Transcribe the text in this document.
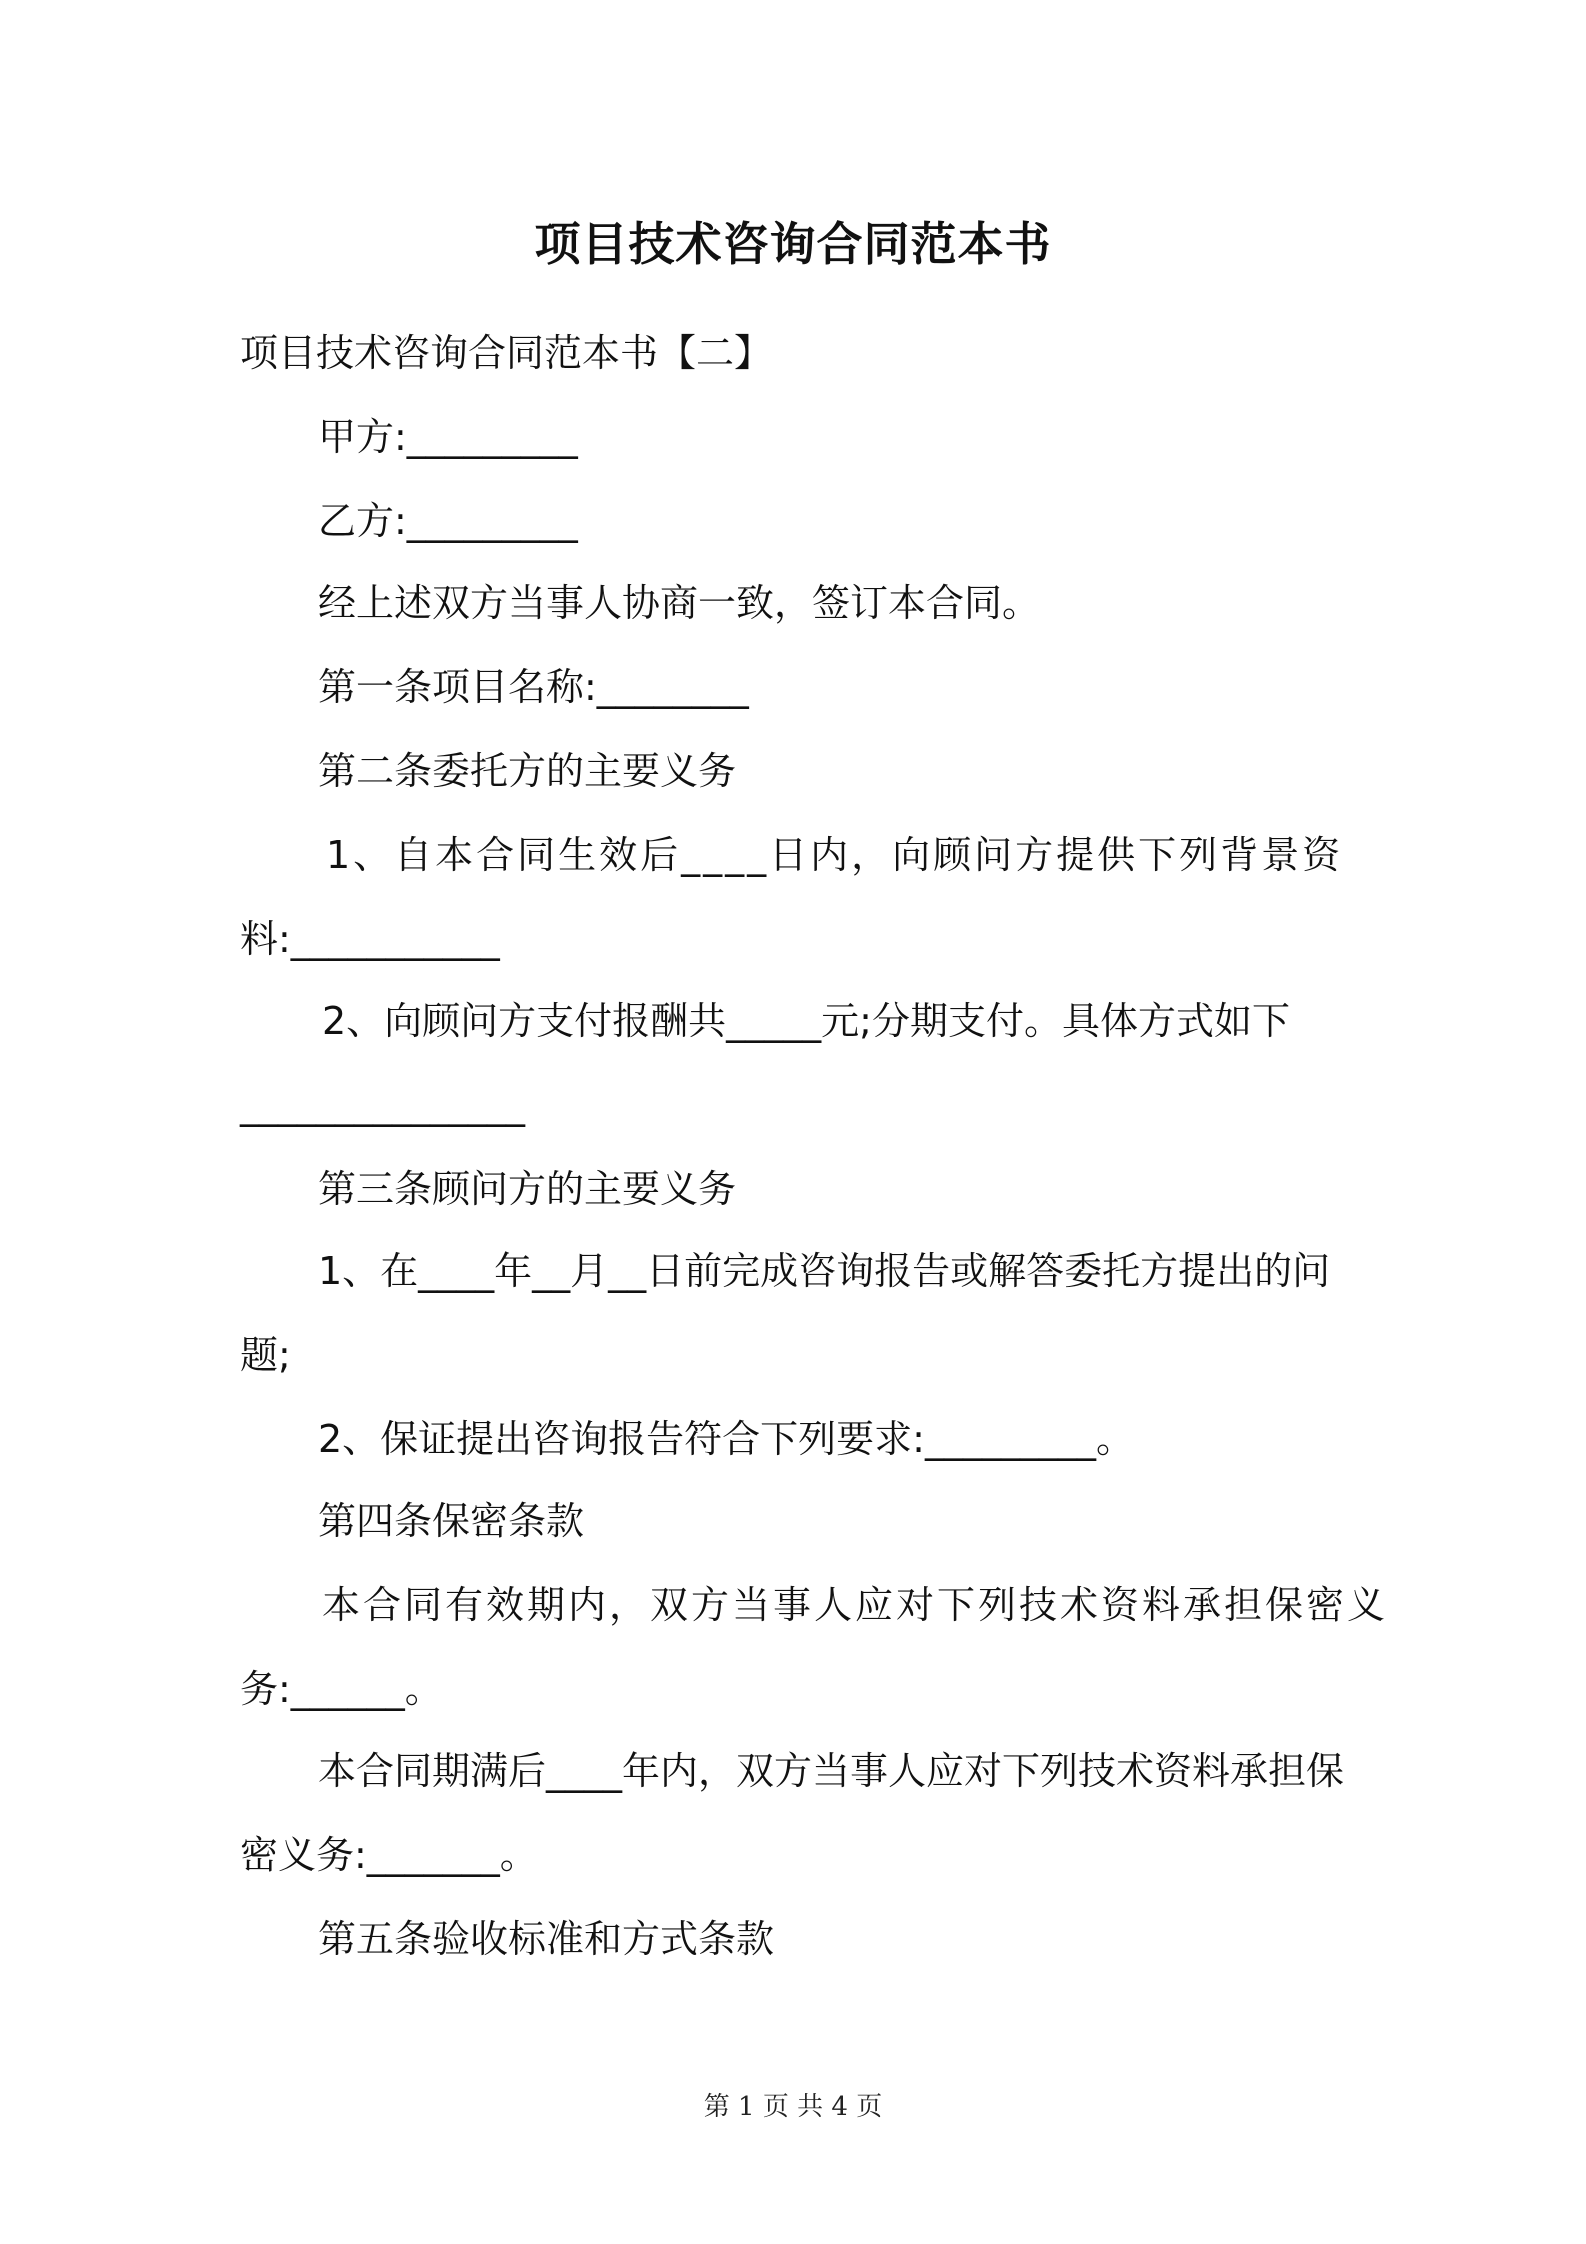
项目技术咨询合同范本书
项目技术咨询合同范本书【二】
甲方:_________
乙方:_________
经上述双方当事人协商一致，签订本合同。
第一条项目名称:________
第二条委托方的主要义务
1、自本合同生效后____日内，向顾问方提供下列背景资
料:___________
2、向顾问方支付报酬共_____元;分期支付。具体方式如下
_______________
第三条顾问方的主要义务
1、在____年__月__日前完成咨询报告或解答委托方提出的问
题;
2、保证提出咨询报告符合下列要求:_________。
第四条保密条款
本合同有效期内，双方当事人应对下列技术资料承担保密义
务:______。
本合同期满后____年内，双方当事人应对下列技术资料承担保
密义务:_______。
第五条验收标准和方式条款
第 1 页 共 4 页
